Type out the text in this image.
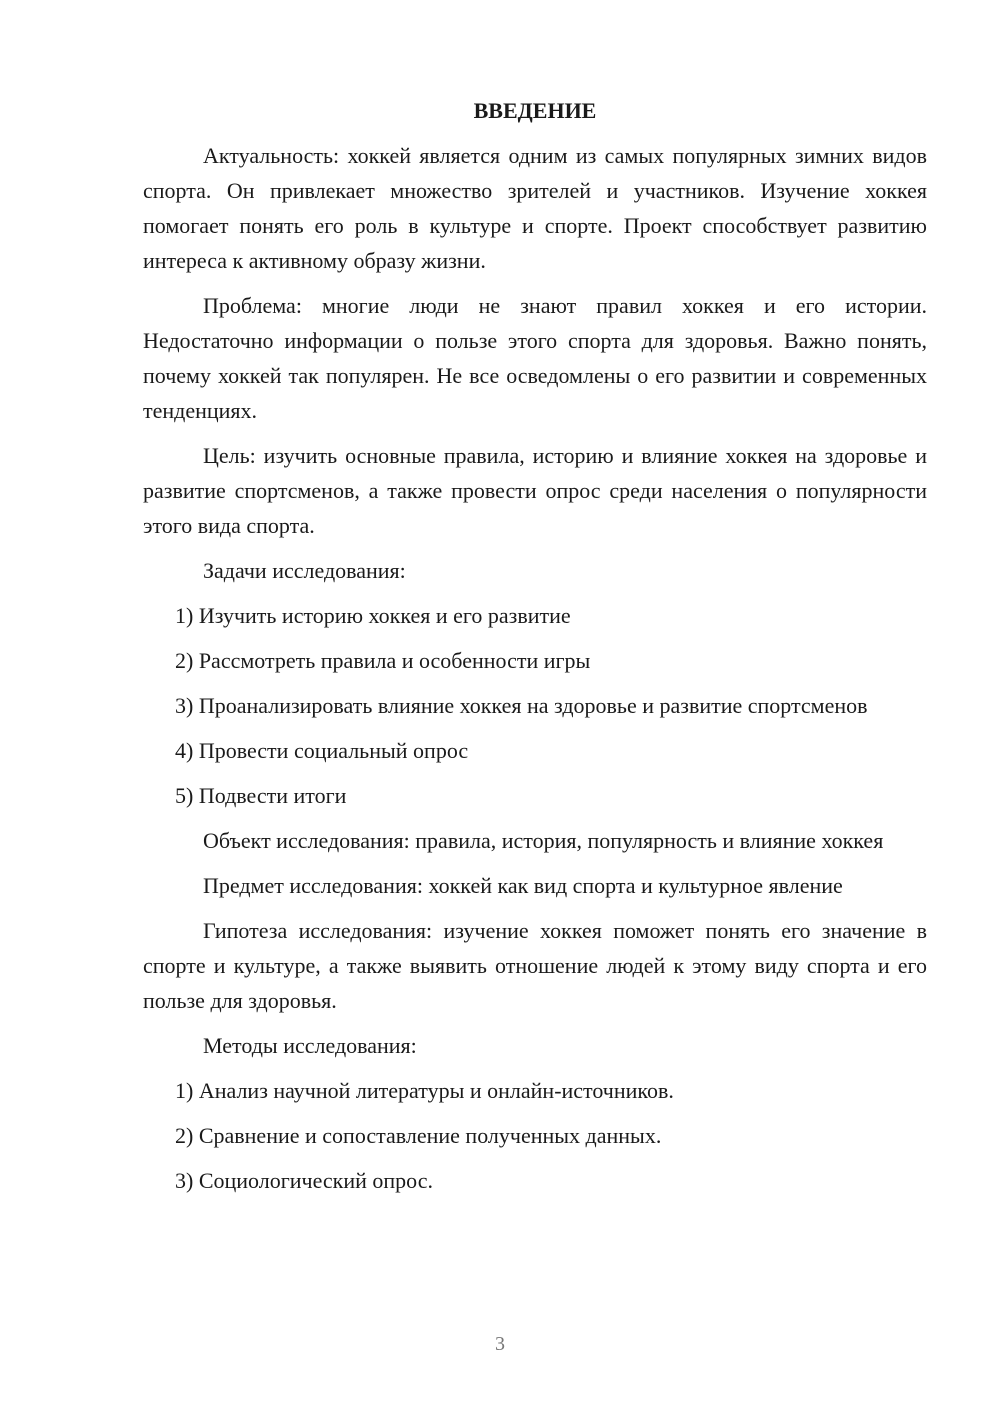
ВВЕДЕНИЕ
Актуальность: хоккей является одним из самых популярных зимних видов спорта. Он привлекает множество зрителей и участников. Изучение хоккея помогает понять его роль в культуре и спорте. Проект способствует развитию интереса к активному образу жизни.
Проблема: многие люди не знают правил хоккея и его истории. Недостаточно информации о пользе этого спорта для здоровья. Важно понять, почему хоккей так популярен. Не все осведомлены о его развитии и современных тенденциях.
Цель: изучить основные правила, историю и влияние хоккея на здоровье и развитие спортсменов, а также провести опрос среди населения о популярности этого вида спорта.
Задачи исследования:
1) Изучить историю хоккея и его развитие
2) Рассмотреть правила и особенности игры
3) Проанализировать влияние хоккея на здоровье и развитие спортсменов
4) Провести социальный опрос
5) Подвести итоги
Объект исследования: правила, история, популярность и влияние хоккея
Предмет исследования: хоккей как вид спорта и культурное явление
Гипотеза исследования: изучение хоккея поможет понять его значение в спорте и культуре, а также выявить отношение людей к этому виду спорта и его пользе для здоровья.
Методы исследования:
1) Анализ научной литературы и онлайн-источников.
2) Сравнение и сопоставление полученных данных.
3) Социологический опрос.
3
